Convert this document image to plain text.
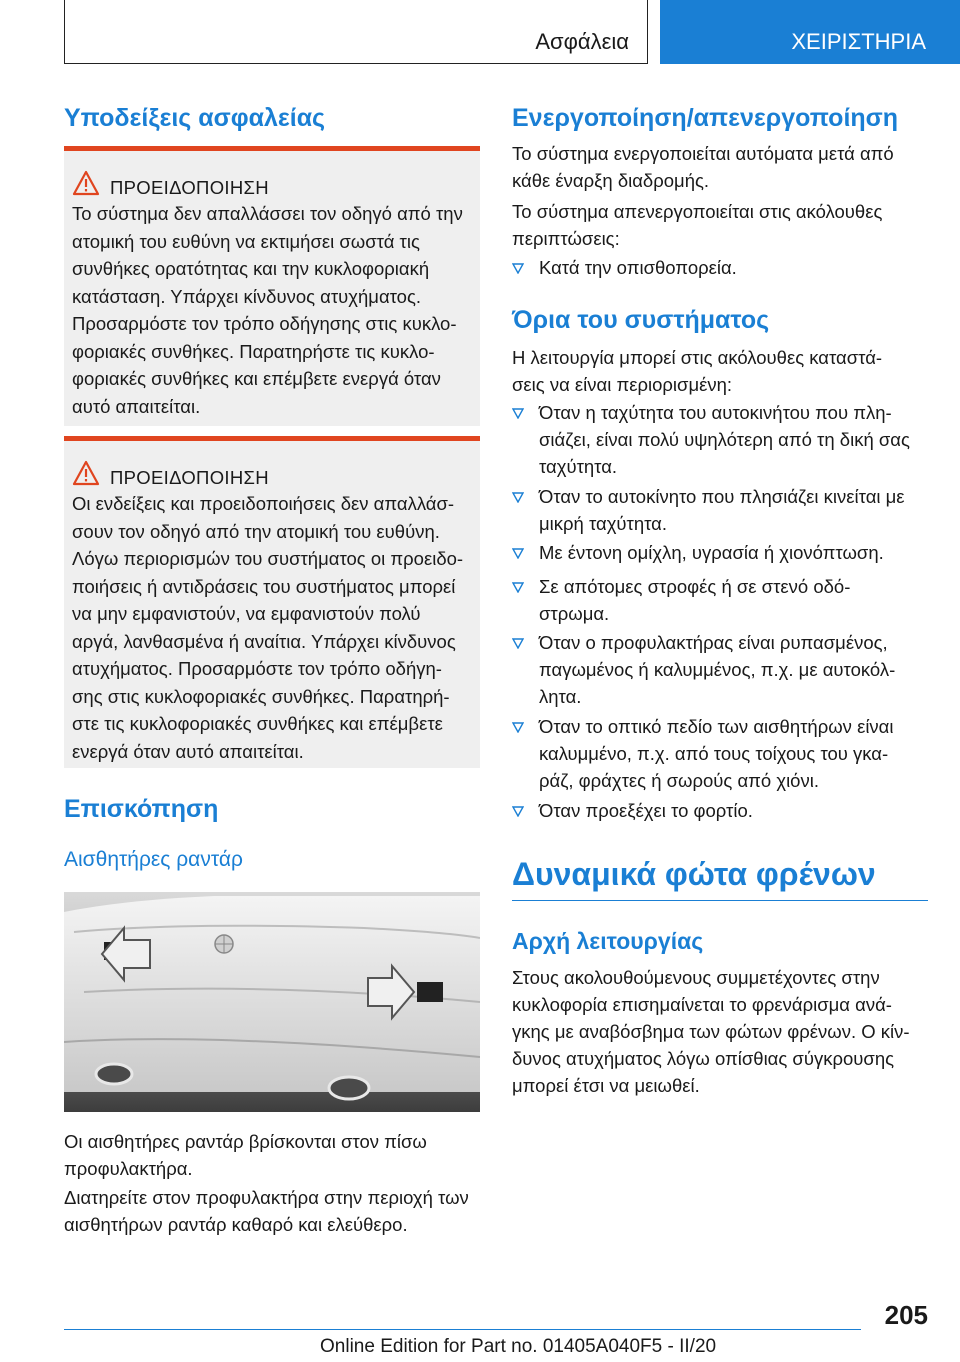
Ασφάλεια	ΧΕΙΡΙΣΤΗΡΙΑ
Υποδείξεις ασφαλείας
ΠΡΟΕΙΔΟΠΟΙΗΣΗ
Το σύστημα δεν απαλλάσσει τον οδηγό από την
ατομική του ευθύνη να εκτιμήσει σωστά τις
συνθήκες ορατότητας και την κυκλοφοριακή
κατάσταση. Υπάρχει κίνδυνος ατυχήματος.
Προσαρμόστε τον τρόπο οδήγησης στις κυκλο-
φοριακές συνθήκες. Παρατηρήστε τις κυκλο-
φοριακές συνθήκες και επέμβετε ενεργά όταν
αυτό απαιτείται.
ΠΡΟΕΙΔΟΠΟΙΗΣΗ
Οι ενδείξεις και προειδοποιήσεις δεν απαλλάσ-
σουν τον οδηγό από την ατομική του ευθύνη.
Λόγω περιορισμών του συστήματος οι προειδο-
ποιήσεις ή αντιδράσεις του συστήματος μπορεί
να μην εμφανιστούν, να εμφανιστούν πολύ
αργά, λανθασμένα ή αναίτια. Υπάρχει κίνδυνος
ατυχήματος. Προσαρμόστε τον τρόπο οδήγη-
σης στις κυκλοφοριακές συνθήκες. Παρατηρή-
στε τις κυκλοφοριακές συνθήκες και επέμβετε
ενεργά όταν αυτό απαιτείται.
Επισκόπηση
Αισθητήρες ραντάρ
Οι αισθητήρες ραντάρ βρίσκονται στον πίσω
προφυλακτήρα.
Διατηρείτε στον προφυλακτήρα στην περιοχή των
αισθητήρων ραντάρ καθαρό και ελεύθερο.
Ενεργοποίηση/απενεργοποίηση
Το σύστημα ενεργοποιείται αυτόματα μετά από
κάθε έναρξη διαδρομής.
Το σύστημα απενεργοποιείται στις ακόλουθες
περιπτώσεις:
Κατά την οπισθοπορεία.
Όρια του συστήματος
Η λειτουργία μπορεί στις ακόλουθες καταστά-
σεις να είναι περιορισμένη:
Όταν η ταχύτητα του αυτοκινήτου που πλη-
σιάζει, είναι πολύ υψηλότερη από τη δική σας
ταχύτητα.
Όταν το αυτοκίνητο που πλησιάζει κινείται με
μικρή ταχύτητα.
Με έντονη ομίχλη, υγρασία ή χιονόπτωση.
Σε απότομες στροφές ή σε στενό οδό-
στρωμα.
Όταν ο προφυλακτήρας είναι ρυπασμένος,
παγωμένος ή καλυμμένος, π.χ. με αυτοκόλ-
λητα.
Όταν το οπτικό πεδίο των αισθητήρων είναι
καλυμμένο, π.χ. από τους τοίχους του γκα-
ράζ, φράχτες ή σωρούς από χιόνι.
Όταν προεξέχει το φορτίο.
Δυναμικά φώτα φρένων
Αρχή λειτουργίας
Στους ακολουθούμενους συμμετέχοντες στην
κυκλοφορία επισημαίνεται το φρενάρισμα ανά-
γκης με αναβόσβημα των φώτων φρένων. Ο κίν-
δυνος ατυχήματος λόγω οπίσθιας σύγκρουσης
μπορεί έτσι να μειωθεί.
205
Online Edition for Part no. 01405A040F5 - II/20
